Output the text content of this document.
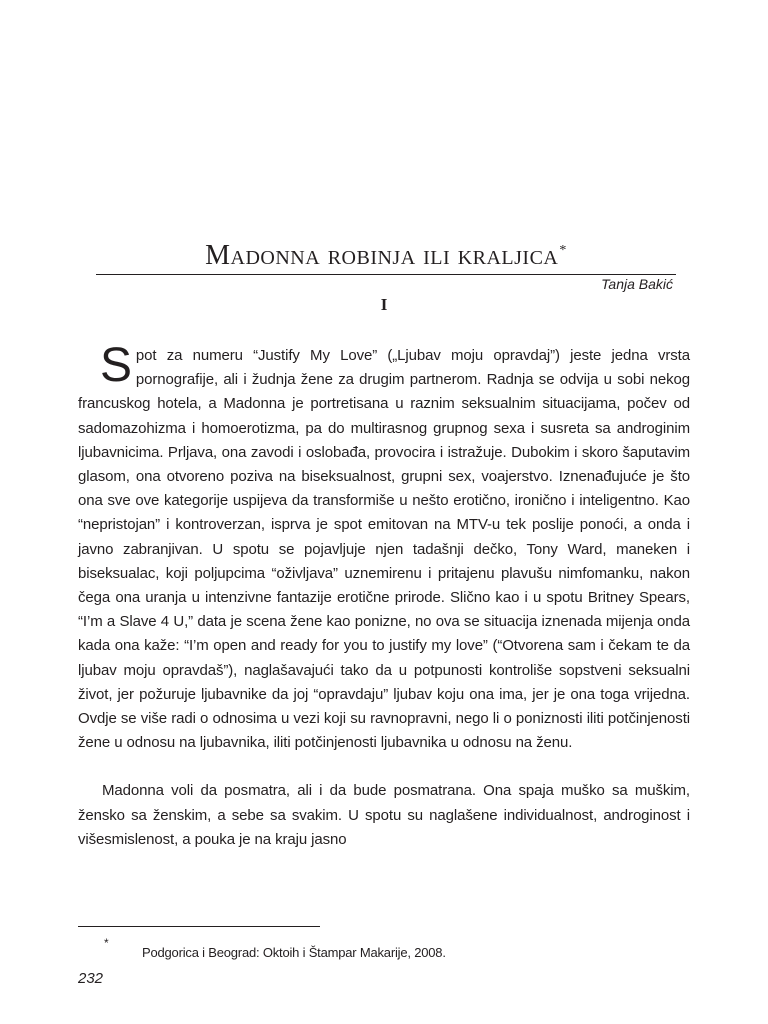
Madonna robinja ili kraljica*
Tanja Bakić
I

Spot za numeru “Justify My Love” („Ljubav moju opravdaj”) jeste jedna vrsta pornografije, ali i žudnja žene za drugim partnerom. Radnja se odvija u sobi nekog francuskog hotela, a Madonna je portretisana u raznim seksualnim situacijama, počev od sadomazohizma i homoerotizma, pa do multirasnog grupnog sexa i susreta sa androginim ljubavnicima. Prljava, ona zavodi i oslobađa, provocira i istražuje. Dubokim i skoro šaputavim glasom, ona otvoreno poziva na biseksualnost, grupni sex, voajerstvo. Iznenađujuće je što ona sve ove kategorije uspijeva da transformiše u nešto erotično, ironično i inteligentno. Kao “nepristojan” i kontroverzan, isprva je spot emitovan na MTV-u tek poslije ponoći, a onda i javno zabranjivan. U spotu se pojavljuje njen tadašnji dečko, Tony Ward, maneken i biseksualac, koji poljupcima “oživljava” uznemirenu i pritajenu plavušu nimfomanku, nakon čega ona uranja u intenzivne fantazije erotične prirode. Slično kao i u spotu Britney Spears, “I’m a Slave 4 U,” data je scena žene kao ponizne, no ova se situacija iznenada mijenja onda kada ona kaže: “I’m open and ready for you to justify my love” (“Otvorena sam i čekam te da ljubav moju opravdaš”), naglašavajući tako da u potpunosti kontroliše sopstveni seksualni život, jer požuruje ljubavnike da joj “opravdaju” ljubav koju ona ima, jer je ona toga vrijedna. Ovdje se više radi o odnosima u vezi koji su ravnopravni, nego li o poniznosti iliti potčinjenosti žene u odnosu na ljubavnika, iliti potčinjenosti ljubavnika u odnosu na ženu.

Madonna voli da posmatra, ali i da bude posmatrana. Ona spaja muško sa muškim, žensko sa ženskim, a sebe sa svakim. U spotu su naglašene individualnost, androginost i višesmislenost, a pouka je na kraju jasno

*
Podgorica i Beograd: Oktoih i Štampar Makarije, 2008.
232
